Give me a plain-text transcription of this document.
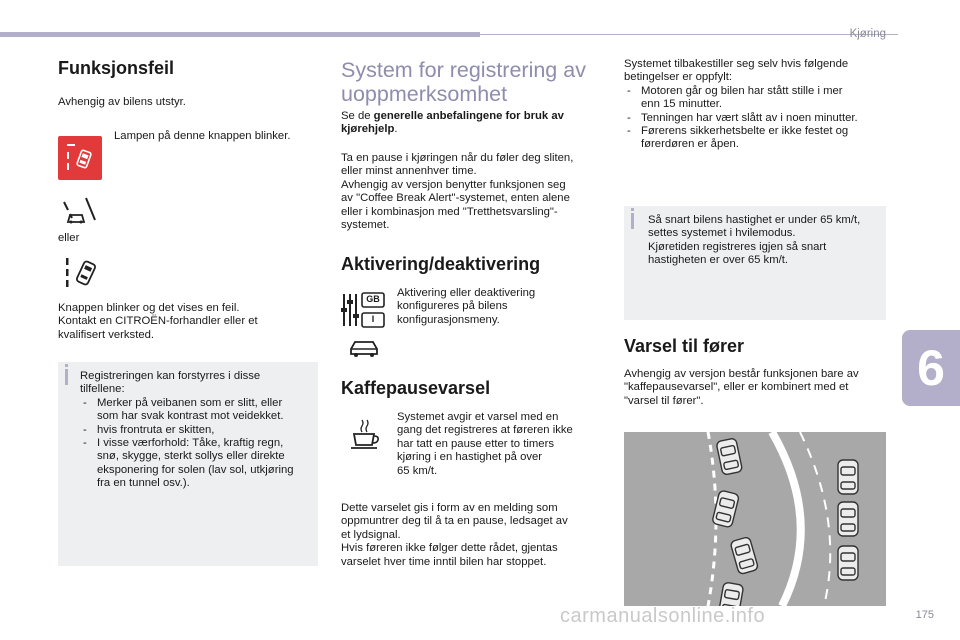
Kjøring
6
Funksjonsfeil
Avhengig av bilens utstyr.
Lampen på denne knappen blinker.
eller
Knappen blinker og det vises en feil.
Kontakt en CITROËN-forhandler eller et
kvalifisert verksted.
Registreringen kan forstyrres i disse
tilfellene:
- Merker på veibanen som er slitt, eller
som har svak kontrast mot veidekket.
- hvis frontruta er skitten,
- I visse værforhold: Tåke, kraftig regn,
snø, skygge, sterkt sollys eller direkte
eksponering for solen (lav sol, utkjøring
fra en tunnel osv.).
System for registrering av
uoppmerksomhet
Se de generelle anbefalingene for bruk av
kjørehjelp.
Ta en pause i kjøringen når du føler deg sliten,
eller minst annenhver time.
Avhengig av versjon benytter funksjonen seg
av "Coffee Break Alert"-systemet, enten alene
eller i kombinasjon med "Tretthetsvarsling"-
systemet.
Aktivering/deaktivering
GB
I
Aktivering eller deaktivering
konfigureres på bilens
konfigurasjonsmeny.
Kaffepausevarsel
Systemet avgir et varsel med en
gang det registreres at føreren ikke
har tatt en pause etter to timers
kjøring i en hastighet på over
65 km/t.
Dette varselet gis i form av en melding som
oppmuntrer deg til å ta en pause, ledsaget av
et lydsignal.
Hvis føreren ikke følger dette rådet, gjentas
varselet hver time inntil bilen har stoppet.
Systemet tilbakestiller seg selv hvis følgende
betingelser er oppfylt:
- Motoren går og bilen har stått stille i mer
enn 15 minutter.
- Tenningen har vært slått av i noen minutter.
- Førerens sikkerhetsbelte er ikke festet og
førerdøren er åpen.
Så snart bilens hastighet er under 65 km/t,
settes systemet i hvilemodus.
Kjøretiden registreres igjen så snart
hastigheten er over 65 km/t.
Varsel til fører
Avhengig av versjon består funksjonen bare av
"kaffepausevarsel", eller er kombinert med et
"varsel til fører".
carmanualsonline.info	175
